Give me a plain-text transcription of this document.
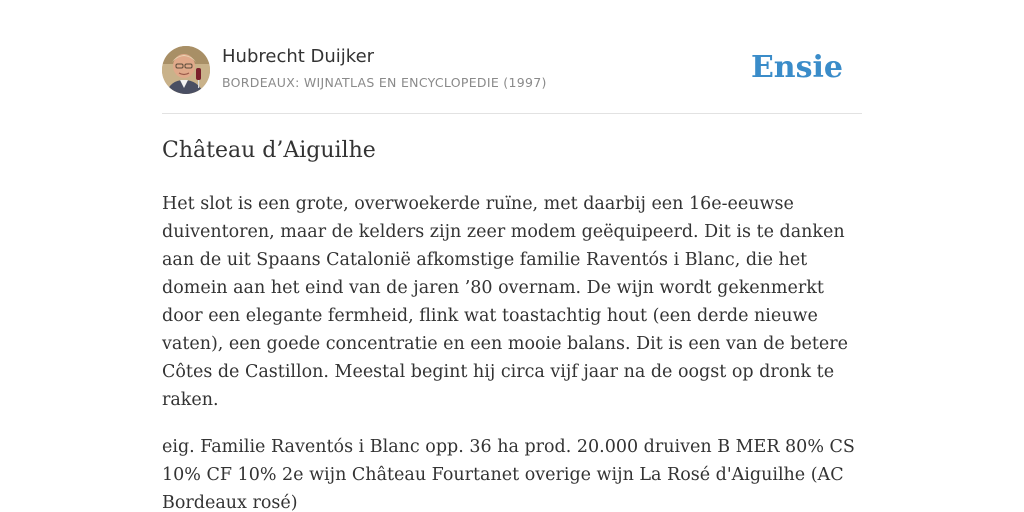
Hubrecht Duijker
BORDEAUX: WIJNATLAS EN ENCYCLOPEDIE (1997)	Ensie
Château d’Aiguilhe

Het slot is een grote, overwoekerde ruïne, met daarbij een 16e-eeuwse duiventoren, maar de kelders zijn zeer modem geëquipeerd. Dit is te danken aan de uit Spaans Catalonië afkomstige familie Raventós i Blanc, die het domein aan het eind van de jaren ’80 overnam. De wijn wordt gekenmerkt door een elegante fermheid, flink wat toastachtig hout (een derde nieuwe vaten), een goede concentratie en een mooie balans. Dit is een van de betere Côtes de Castillon. Meestal begint hij circa vijf jaar na de oogst op dronk te raken.

eig. Familie Raventós i Blanc opp. 36 ha prod. 20.000 druiven B MER 80% CS 10% CF 10% 2e wijn Château Fourtanet overige wijn La Rosé d'Aiguilhe (AC Bordeaux rosé)
